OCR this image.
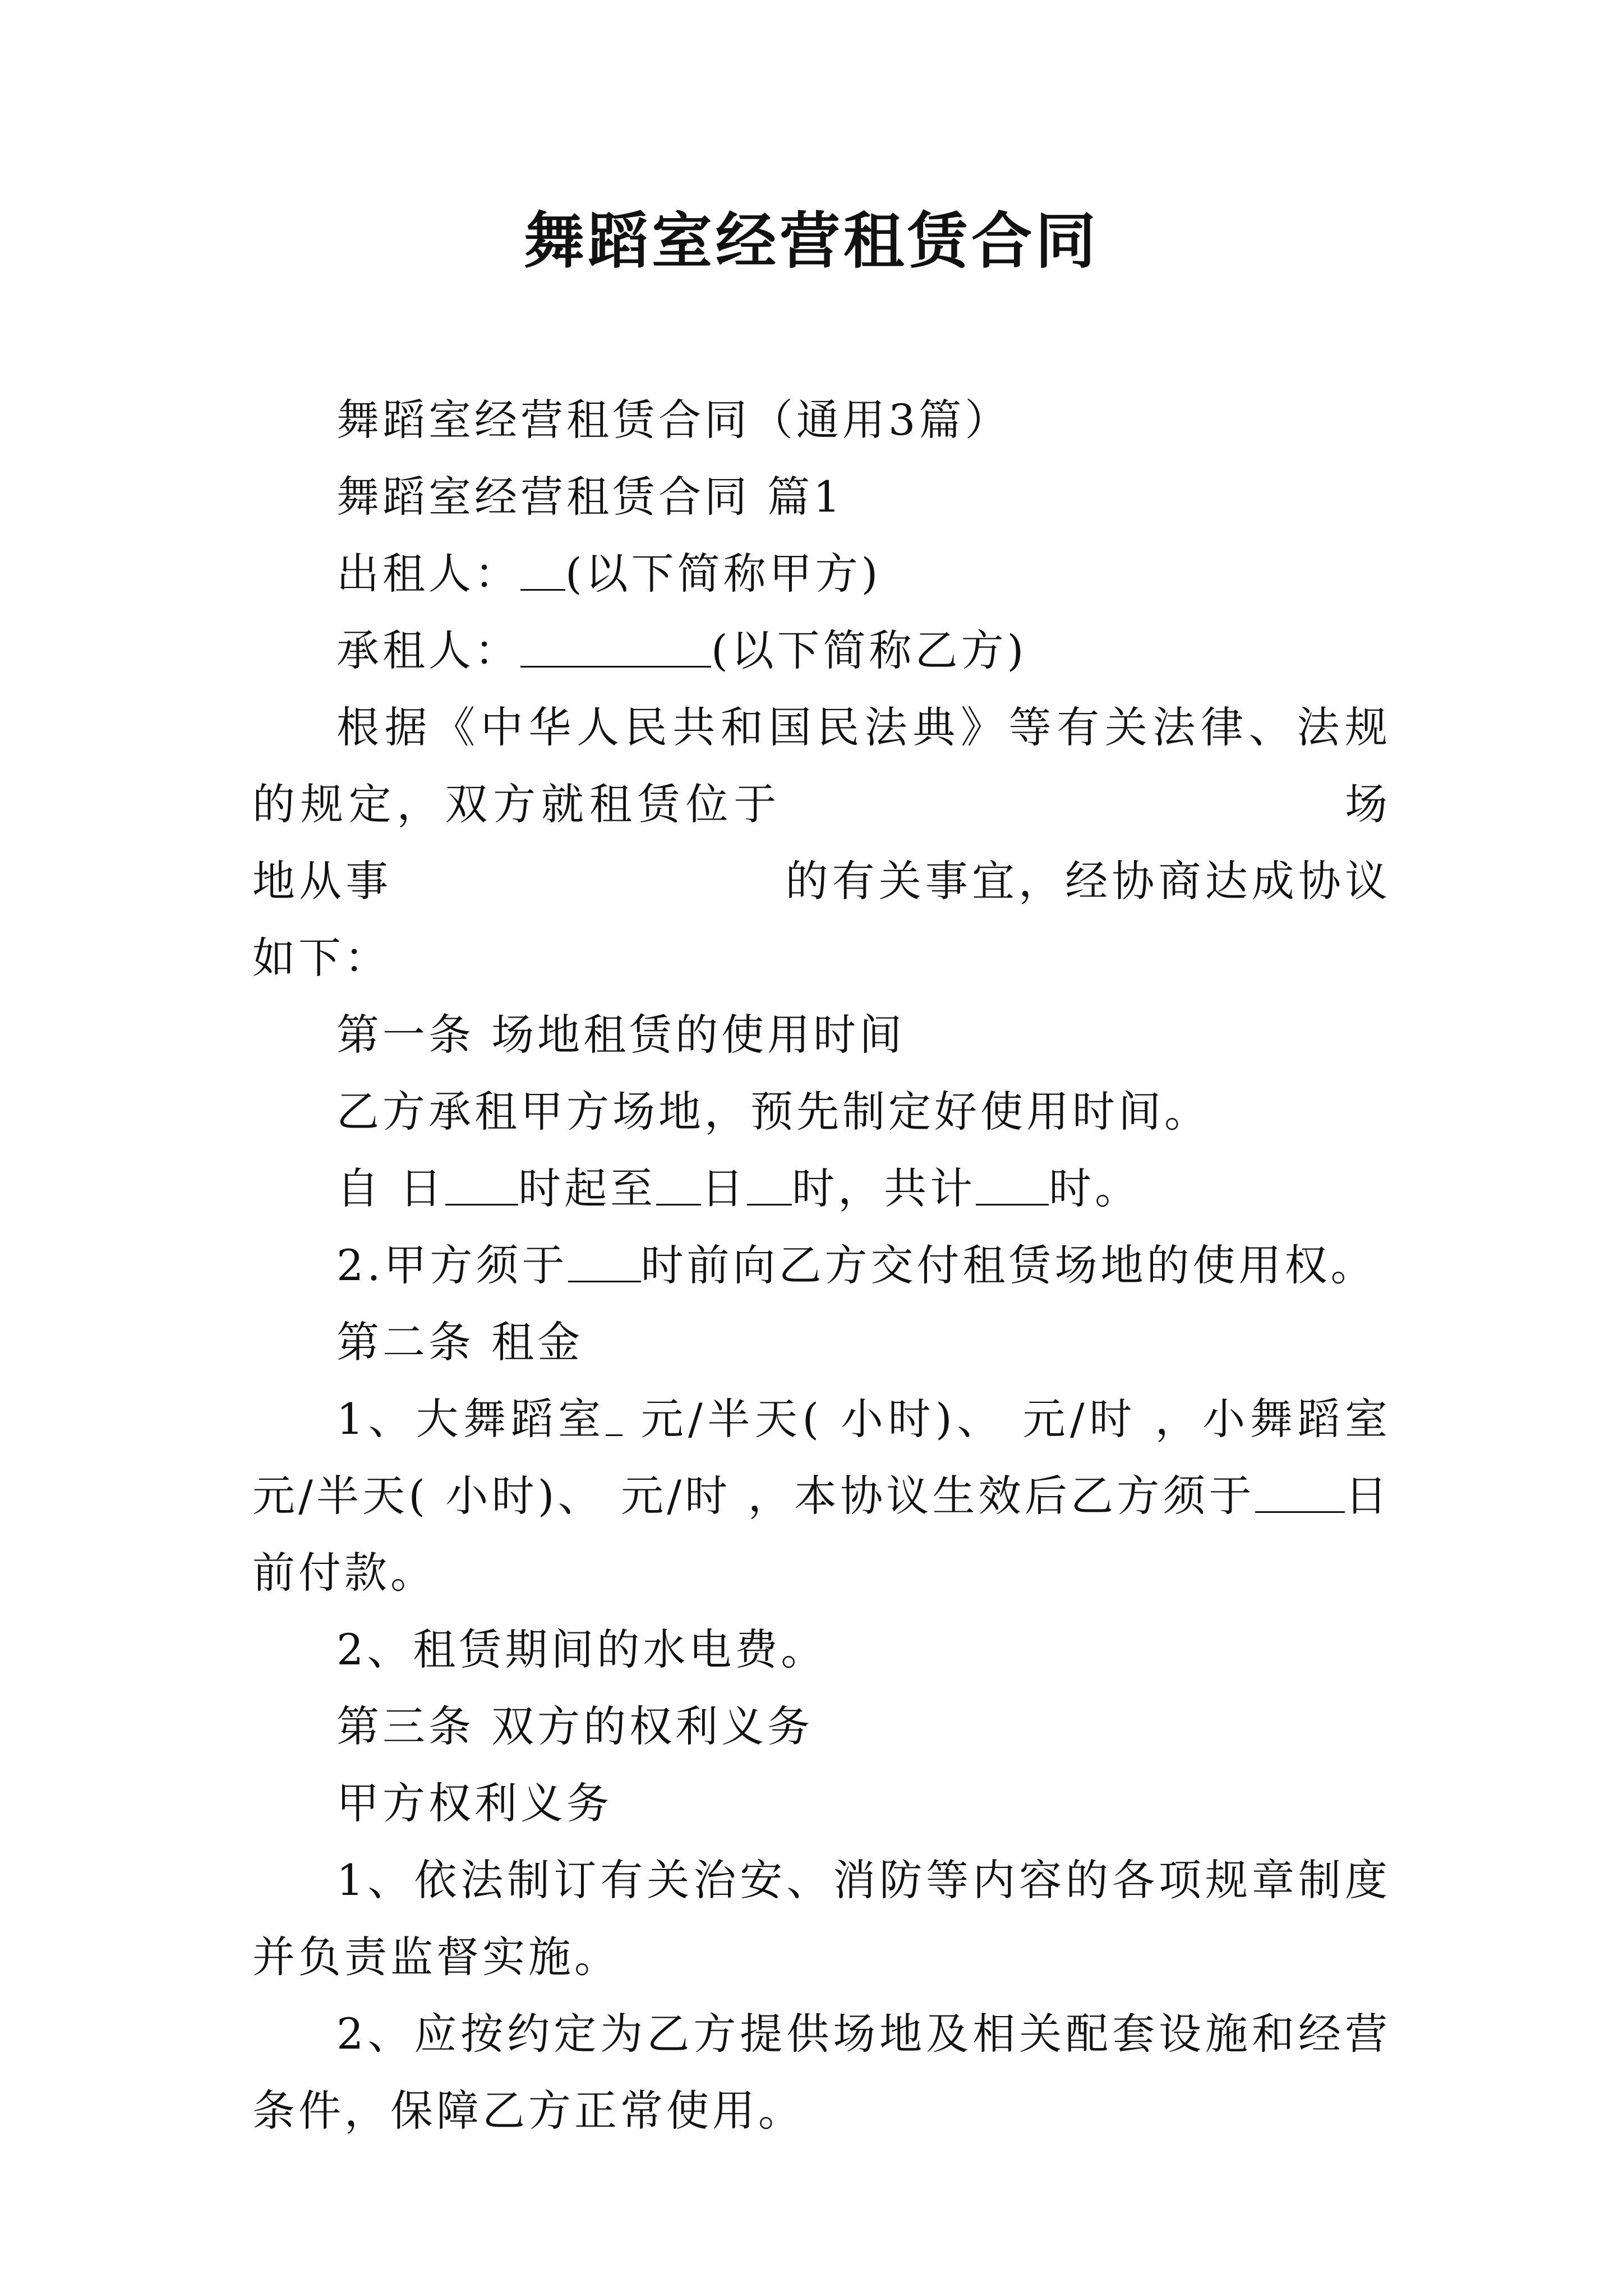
舞蹈室经营租赁合同

舞蹈室经营租赁合同（通用3篇）

舞蹈室经营租赁合同 篇1

出租人： (以下简称甲方)

承租人：	(以下简称乙方)

根据《中华人民共和国民法典》等有关法律、法规的规定，双方就租赁位于	场地从事	的有关事宜，经协商达成协议如下：

第一条 场地租赁的使用时间

乙方承租甲方场地，预先制定好使用时间。

自 日 时起至 日 时，共计 时。

2.甲方须于 时前向乙方交付租赁场地的使用权。

第二条 租金

1、大舞蹈室 元/半天( 小时)、 元/时 ，小舞蹈室 元/半天( 小时)、 元/时 ，本协议生效后乙方须于 日前付款。

2、租赁期间的水电费。

第三条 双方的权利义务

甲方权利义务

1、依法制订有关治安、消防等内容的各项规章制度并负责监督实施。

2、应按约定为乙方提供场地及相关配套设施和经营条件，保障乙方正常使用。
